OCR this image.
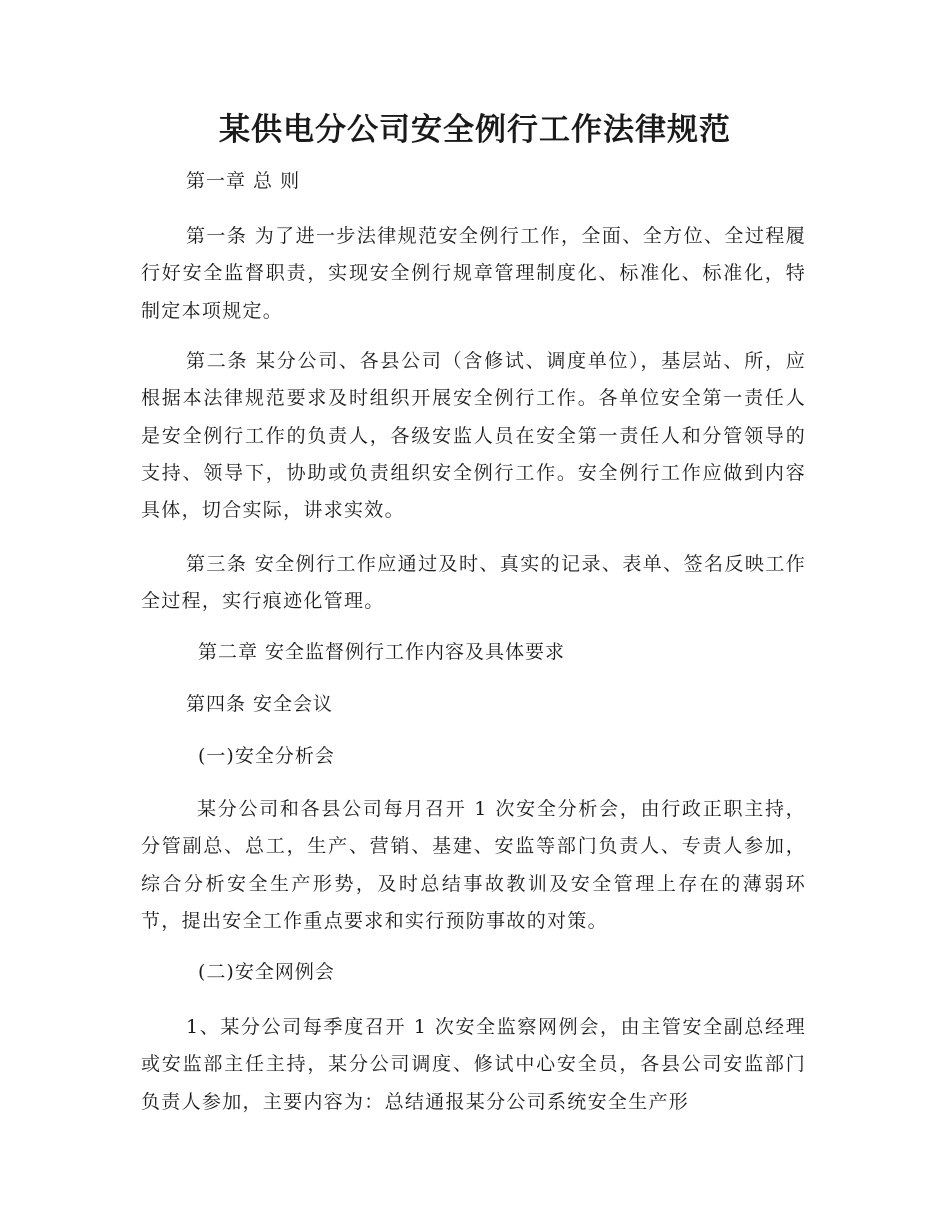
某供电分公司安全例行工作法律规范

第一章 总 则

第一条 为了进一步法律规范安全例行工作，全面、全方位、全过程履行好安全监督职责，实现安全例行规章管理制度化、标准化、标准化，特制定本项规定。

第二条 某分公司、各县公司（含修试、调度单位），基层站、所，应根据本法律规范要求及时组织开展安全例行工作。各单位安全第一责任人是安全例行工作的负责人，各级安监人员在安全第一责任人和分管领导的支持、领导下，协助或负责组织安全例行工作。安全例行工作应做到内容具体，切合实际，讲求实效。

第三条 安全例行工作应通过及时、真实的记录、表单、签名反映工作全过程，实行痕迹化管理。

第二章 安全监督例行工作内容及具体要求

第四条 安全会议

(一)安全分析会

某分公司和各县公司每月召开 1 次安全分析会，由行政正职主持，分管副总、总工，生产、营销、基建、安监等部门负责人、专责人参加，综合分析安全生产形势，及时总结事故教训及安全管理上存在的薄弱环节，提出安全工作重点要求和实行预防事故的对策。

(二)安全网例会

1、某分公司每季度召开 1 次安全监察网例会，由主管安全副总经理或安监部主任主持，某分公司调度、修试中心安全员，各县公司安监部门负责人参加，主要内容为：总结通报某分公司系统安全生产形
